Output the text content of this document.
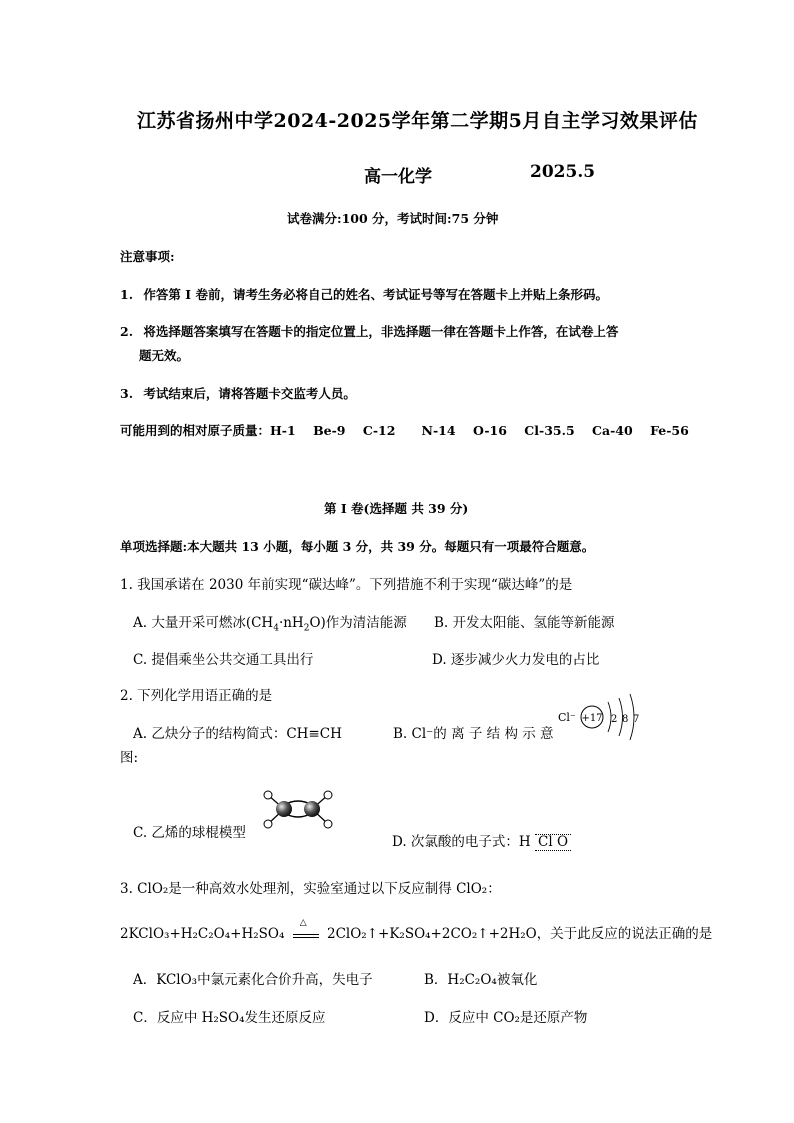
江苏省扬州中学2024-2025学年第二学期5月自主学习效果评估
高一化学	2025.5
试卷满分:100 分，考试时间:75 分钟
注意事项:
1. 作答第 I 卷前，请考生务必将自己的姓名、考试证号等写在答题卡上并贴上条形码。
2. 将选择题答案填写在答题卡的指定位置上，非选择题一律在答题卡上作答，在试卷上答
题无效。
3. 考试结束后，请将答题卡交监考人员。
可能用到的相对原子质量：H-1    Be-9    C-12      N-14    O-16    Cl-35.5    Ca-40    Fe-56
第 I 卷(选择题 共 39 分)
单项选择题:本大题共 13 小题，每小题 3 分，共 39 分。每题只有一项最符合题意。
1. 我国承诺在 2030 年前实现“碳达峰”。下列措施不利于实现“碳达峰”的是
A. 大量开采可燃冰$(CH_4\cdot nH_2O)$作为清洁能源 B. 开发太阳能、氢能等新能源
C. 提倡乘坐公共交通工具出行	D. 逐步减少火力发电的占比
2. 下列化学用语正确的是
A. 乙炔分子的结构简式：CH≡CH	B. Cl⁻的 离 子 结 构 示 意
图:
Cl⁻ +17 2 8 7
C. 乙烯的球棍模型
D. 次氯酸的电子式：H Cl O
3. ClO₂是一种高效水处理剂，实验室通过以下反应制得 ClO₂：
2KClO₃+H₂C₂O₄+H₂SO₄
△
2ClO₂↑+K₂SO₄+2CO₂↑+2H₂O，关于此反应的说法正确的是
A．KClO₃中氯元素化合价升高，失电子	B．H₂C₂O₄被氧化
C．反应中 H₂SO₄发生还原反应	D．反应中 CO₂是还原产物
